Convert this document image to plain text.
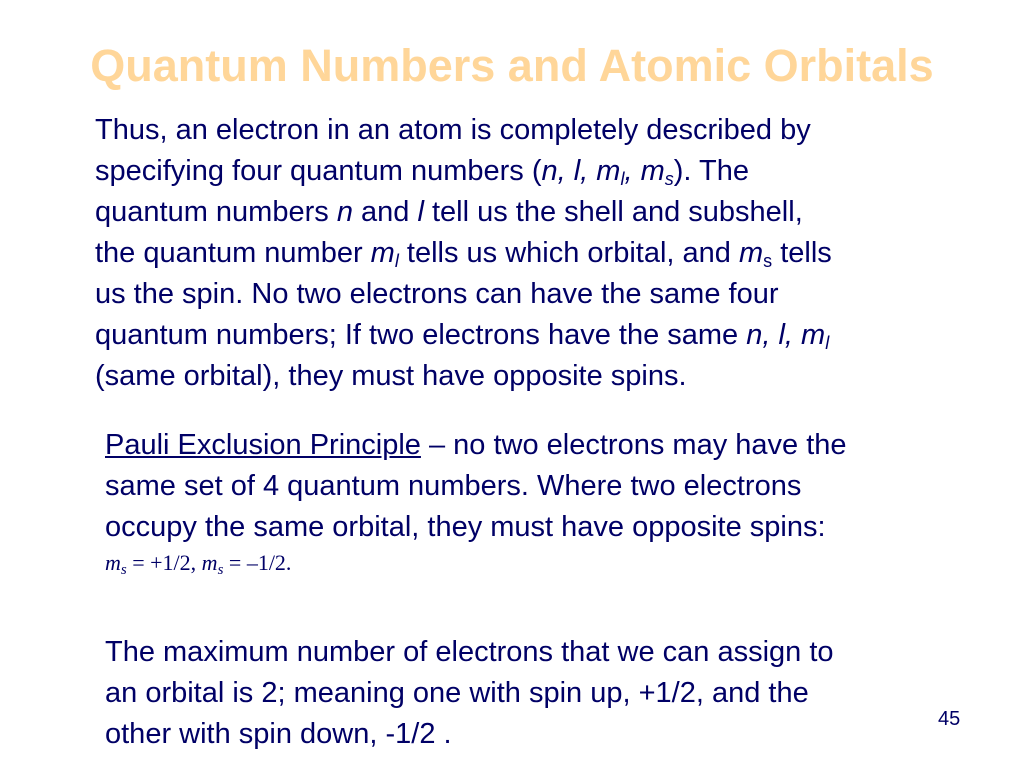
Quantum Numbers and Atomic Orbitals
Thus, an electron in an atom is completely described by
specifying four quantum numbers (n, l, $m_l$, $m_s$). The
quantum numbers n and l tell us the shell and subshell,
the quantum number $m_l$ tells us which orbital, and $m_s$ tells
us the spin. No two electrons can have the same four
quantum numbers; If two electrons have the same n, l, $m_l$
(same orbital), they must have opposite spins.
Pauli Exclusion Principle – no two electrons may have the
same set of 4 quantum numbers. Where two electrons
occupy the same orbital, they must have opposite spins:
$m_s = +1/2$, $m_s = -1/2$.
The maximum number of electrons that we can assign to
an orbital is 2; meaning one with spin up, +1/2, and the
other with spin down, -1/2 .	45
